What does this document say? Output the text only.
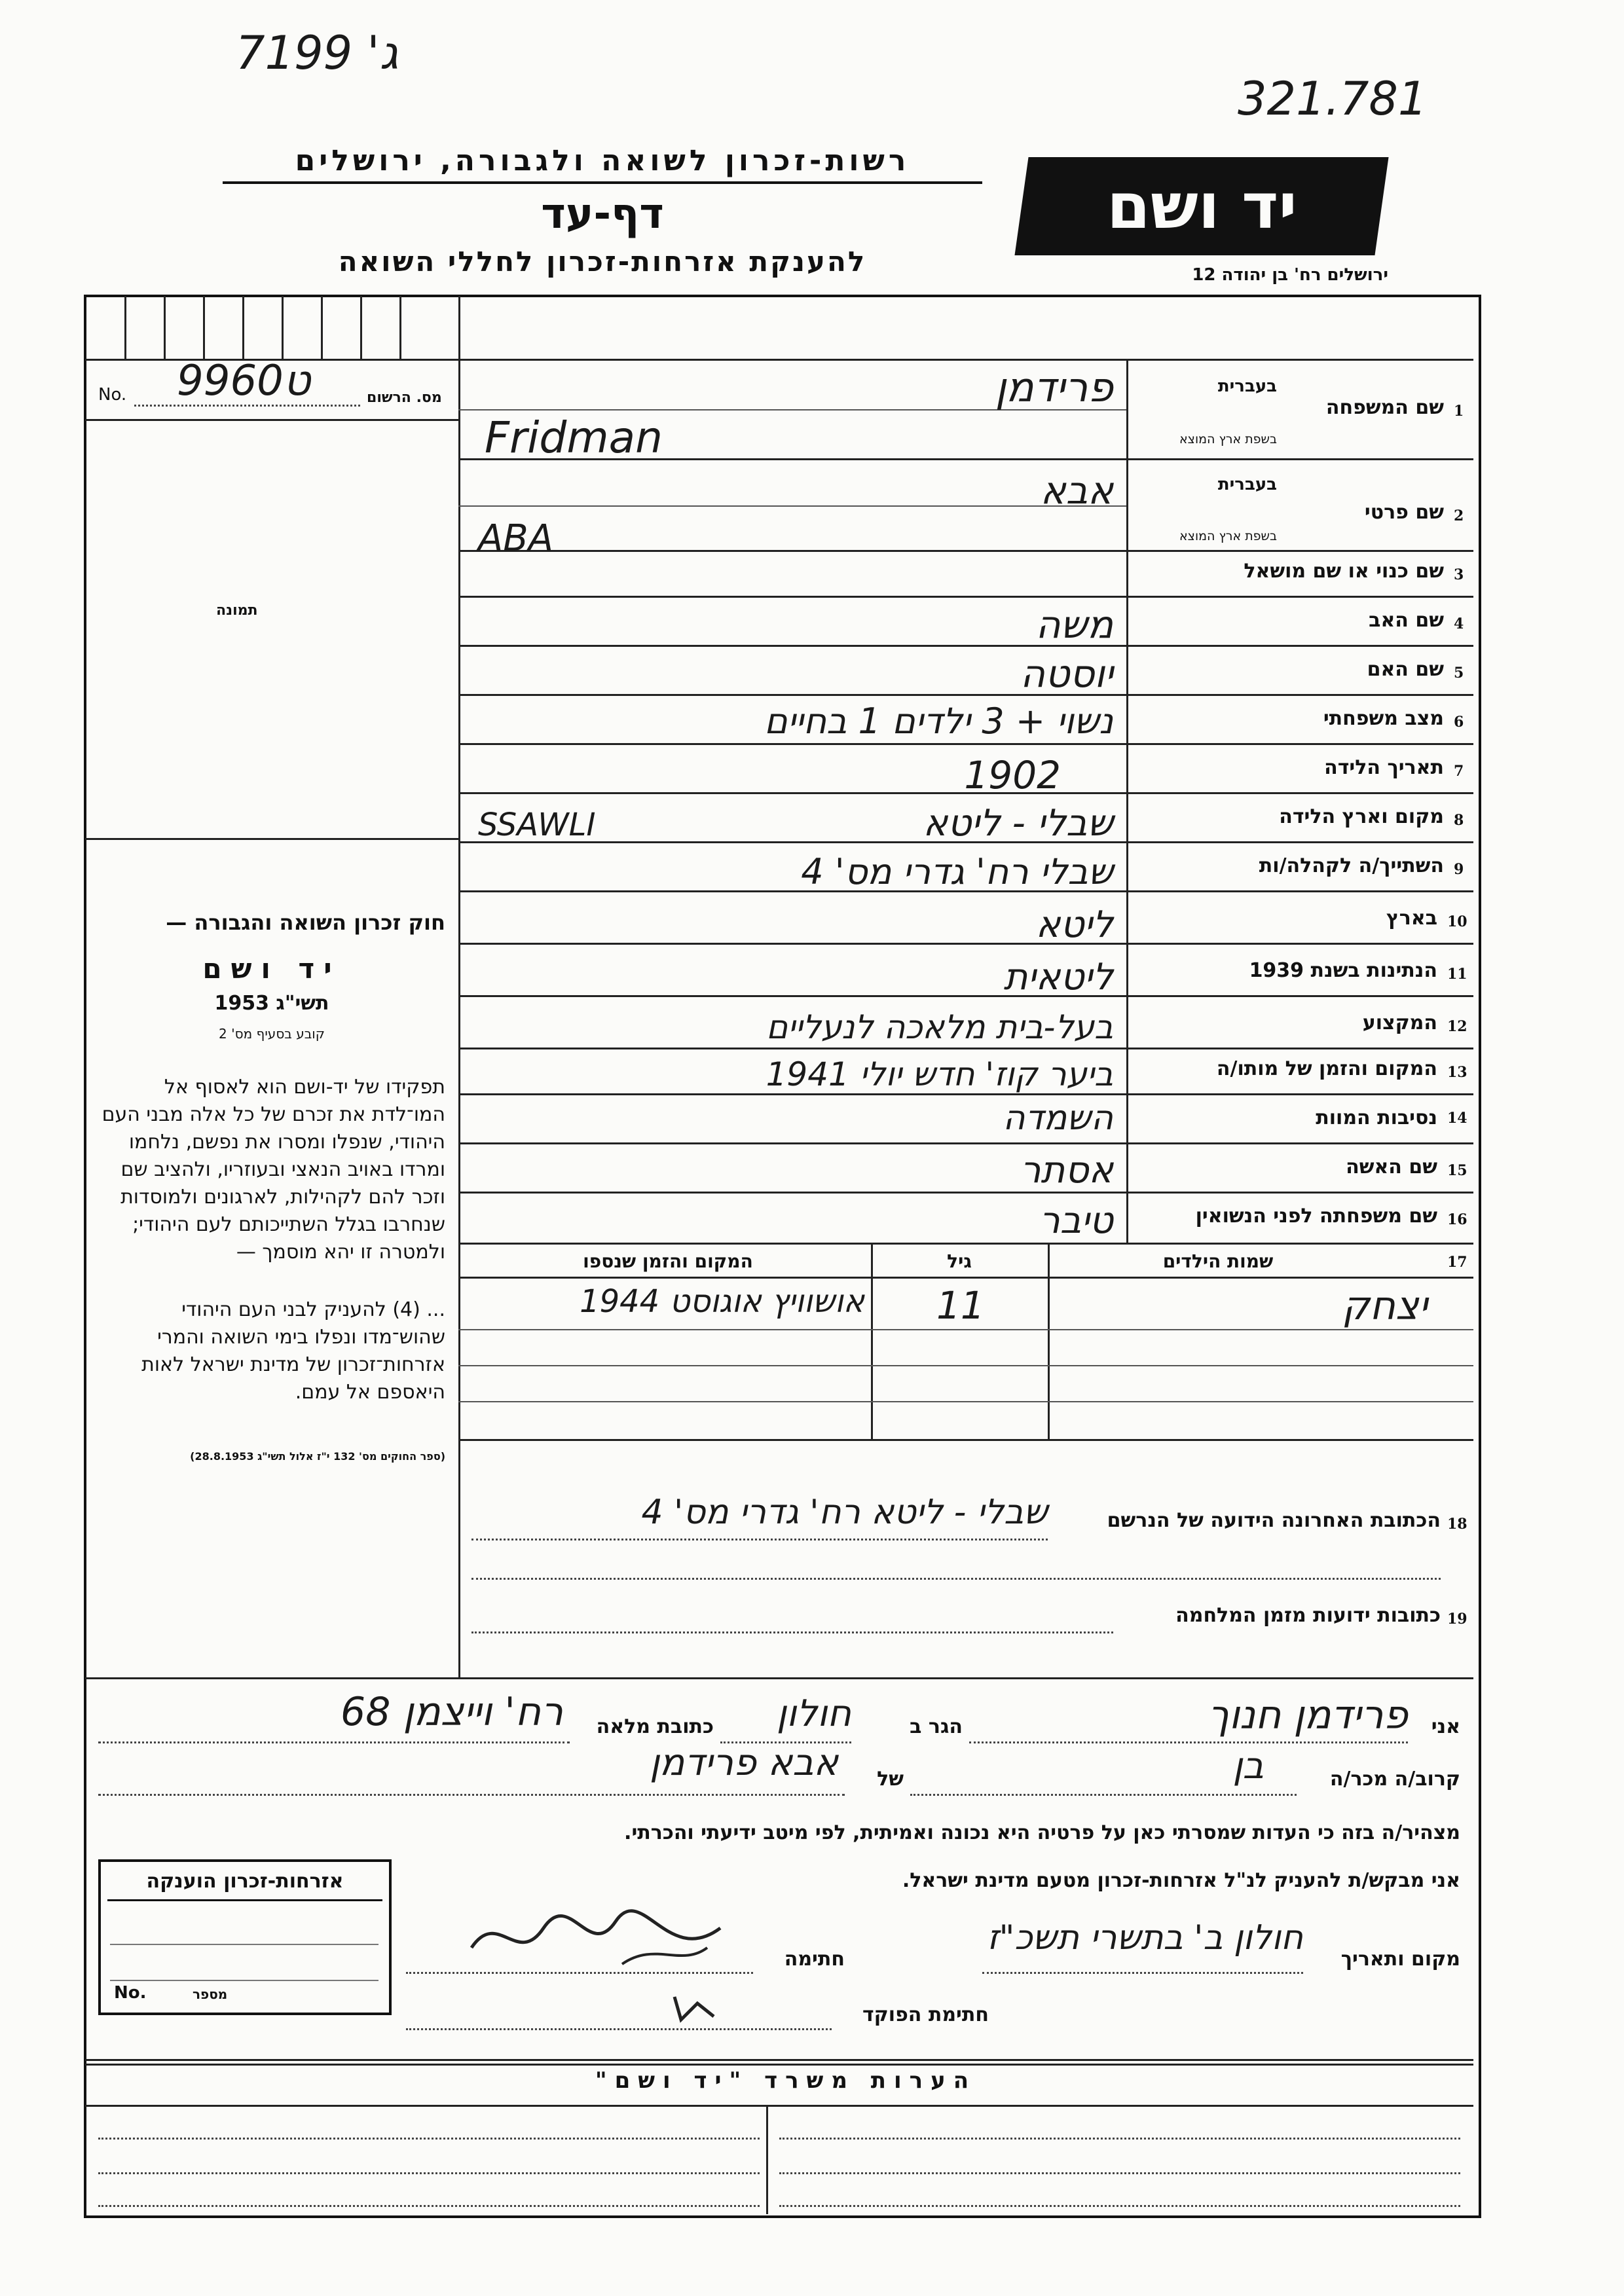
ג' 7199
321.781
רשות-זכרון לשואה ולגבורה, ירושלים
דף-עד
להענקת אזרחות-זכרון לחללי השואה
יד ושם
ירושלים רח' בן יהודה 12
מס. הרשום
No. ט9960
תמונה
חוק זכרון השואה והגבורה —
יד ושם
תשי"ג 1953
קובע בסעיף מס' 2
תפקידו של יד-ושם הוא לאסוף אל המו־לדת את זכרם של כל אלה מבני העם היהודי, שנפלו ומסרו את נפשם, נלחמו ומרדו באויב הנאצי ובעוזריו, ולהציב שם וזכר להם לקהילות, לארגונים ולמוסדות שנחרבו בגלל השתייכותם לעם היהודי; ולמטרה זו יהא מוסמך —
... (4) להעניק לבני העם היהודי שהוש־מדו ונפלו בימי השואה והמרי אזרחות־זכרון של מדינת ישראל לאות היאספם אל עמם.
(ספר החוקים מס' 132 י"ז אלול תשי"ג 28.8.1953)
1
שם המשפחה
בעברית
בשפת ארץ המוצא
2
שם פרטי
בעברית
בשפת ארץ המוצא
3
שם כנוי או שם מושאל
4
שם האב
5
שם האם
6
מצב משפחתי
7
תאריך הלידה
8
מקום וארץ הלידה
9
השתייך/ה לקהלה/ות
10
בארץ
11
הנתינות בשנת 1939
12
המקצוע
13
המקום והזמן של מותו/ה
14
נסיבות המוות
15
שם האשה
16
שם משפחתה לפני הנשואין
פרידמן
Fridman
אבא
ABA
משה
יוסטה
נשוי + 3 ילדים 1 בחיים
1902
שבלי - ליטא
SSAWLI
שבלי רח' גדרי מס' 4
ליטא
ליטאית
בעל-בית מלאכה לנעליים
ביער קוז' חדש יולי 1941
השמדה
אסתר
טיבר
17
שמות הילדים
גיל
המקום והזמן שנספו
יצחק
11
אושוויץ אוגוסט 1944
18
הכתובת האחרונה הידועה של הנרשם
שבלי - ליטא רח' גדרי מס' 4
19
כתובות ידועות מזמן המלחמה
אני
פרידמן חנוך
הגר ב
חולון
כתובת מלאה
רח' וייצמן 68
קרוב/ה מכר/ה
בן
של
אבא פרידמן
מצהיר/ה בזה כי העדות שמסרתי כאן על פרטיה היא נכונה ואמיתית, לפי מיטב ידיעתי והכרתי.
אני מבקש/ת להעניק לנ"ל אזרחות-זכרון מטעם מדינת ישראל.
מקום ותאריך
חולון ב' בתשרי תשכ"ז
חתימה
חתימת הפוקד
אזרחות-זכרון הוענקה
No.	מספר
הערות משרד "יד ושם"
